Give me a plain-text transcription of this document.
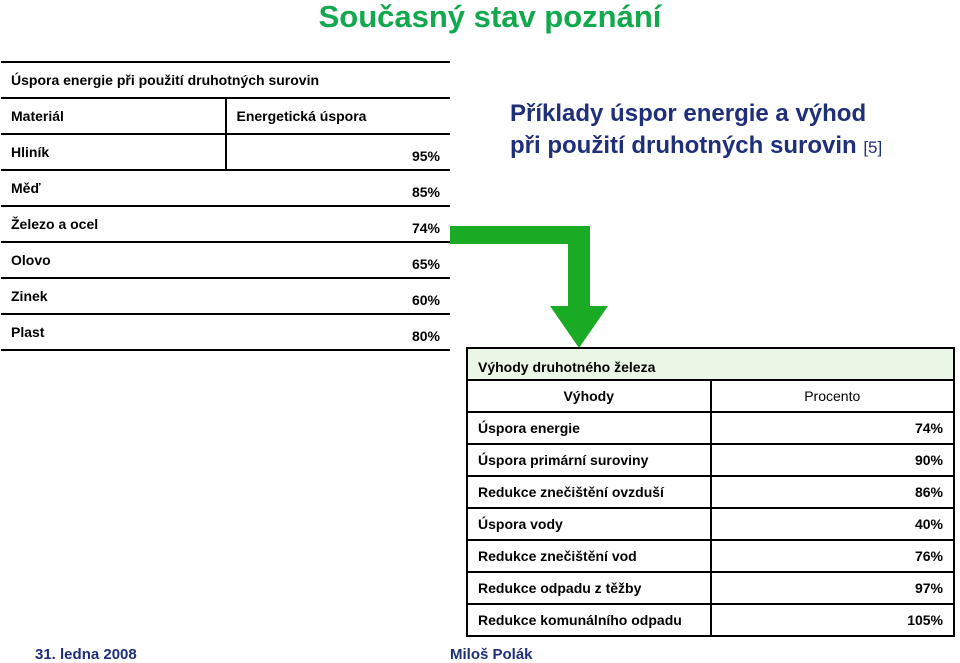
Současný stav poznání
Úspora energie při použití druhotných surovin	
Materiál	Energetická úspora
Hliník	95%
Měď	85%
Železo a ocel	74%
Olovo	65%
Zinek	60%
Plast	80%
Příklady úspor energie a výhod
při použití druhotných surovin [5]
Výhody druhotného železa	
Výhody	Procento
Úspora energie	74%
Úspora primární suroviny	90%
Redukce znečištění ovzduší	86%
Úspora vody	40%
Redukce znečištění vod	76%
Redukce odpadu z těžby	97%
Redukce komunálního odpadu	105%
31. ledna 2008	Miloš Polák
